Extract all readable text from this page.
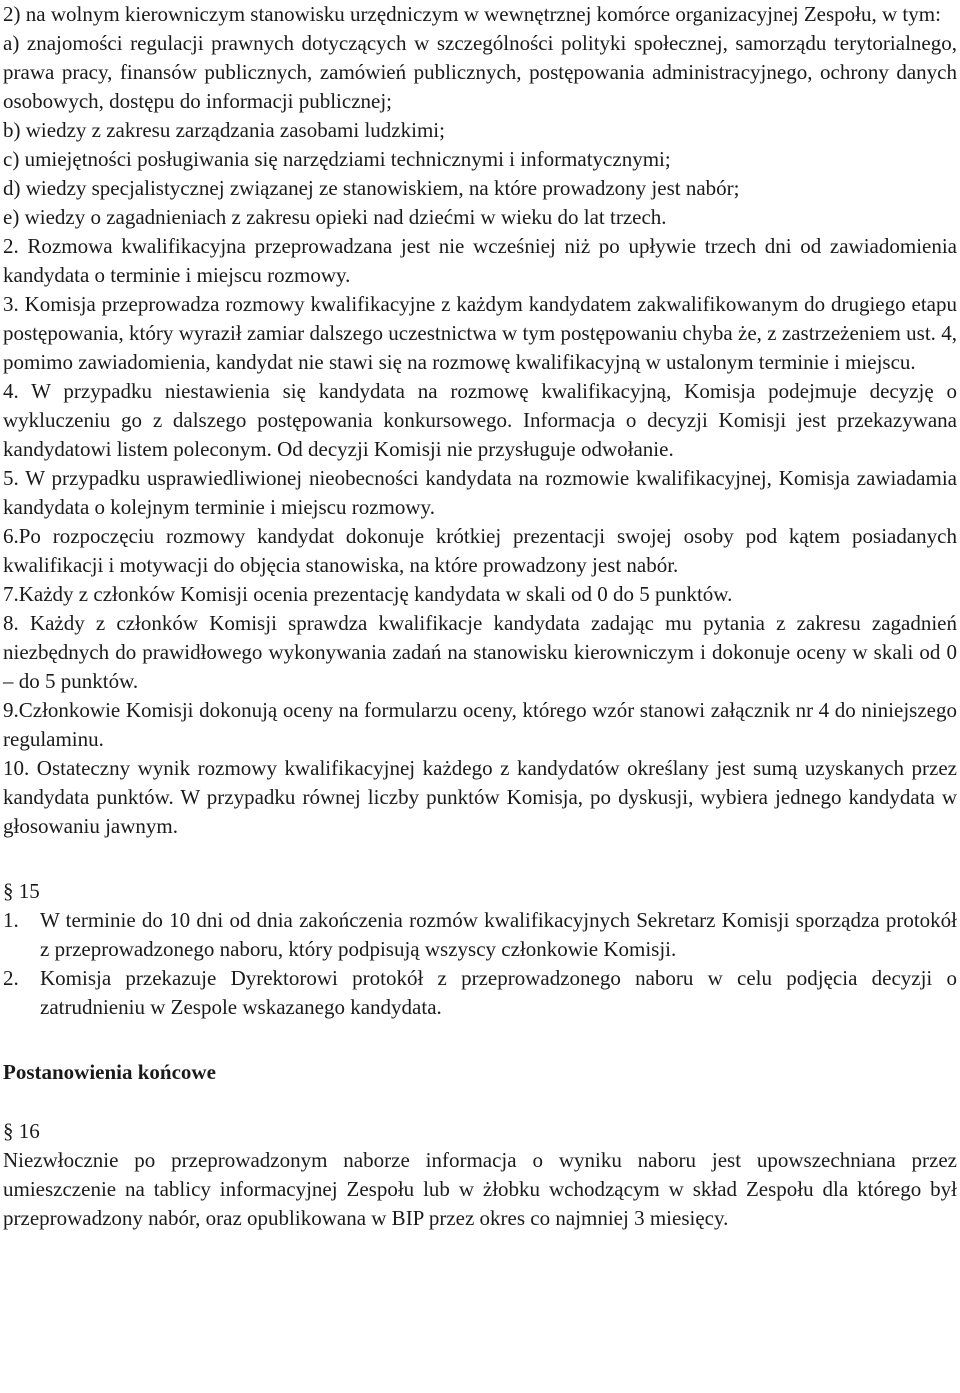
2) na wolnym kierowniczym stanowisku urzędniczym w wewnętrznej komórce organizacyjnej Zespołu, w tym:

a) znajomości regulacji prawnych dotyczących w szczególności polityki społecznej, samorządu terytorialnego, prawa pracy, finansów publicznych, zamówień publicznych, postępowania administracyjnego, ochrony danych osobowych, dostępu do informacji publicznej;

b) wiedzy z zakresu zarządzania zasobami ludzkimi;

c) umiejętności posługiwania się narzędziami technicznymi i informatycznymi;

d) wiedzy specjalistycznej związanej ze stanowiskiem, na które prowadzony jest nabór;

e) wiedzy o zagadnieniach z zakresu opieki nad dziećmi w wieku do lat trzech.

2. Rozmowa kwalifikacyjna przeprowadzana jest nie wcześniej niż po upływie trzech dni od zawiadomienia kandydata o terminie i miejscu rozmowy.

3. Komisja przeprowadza rozmowy kwalifikacyjne z każdym kandydatem zakwalifikowanym do drugiego etapu postępowania, który wyraził zamiar dalszego uczestnictwa w tym postępowaniu chyba że, z zastrzeżeniem ust. 4, pomimo zawiadomienia, kandydat nie stawi się na rozmowę kwalifikacyjną w ustalonym terminie i miejscu.

4. W przypadku niestawienia się kandydata na rozmowę kwalifikacyjną, Komisja podejmuje decyzję o wykluczeniu go z dalszego postępowania konkursowego. Informacja o decyzji Komisji jest przekazywana kandydatowi listem poleconym. Od decyzji Komisji nie przysługuje odwołanie.

5. W przypadku usprawiedliwionej nieobecności kandydata na rozmowie kwalifikacyjnej, Komisja zawiadamia kandydata o kolejnym terminie i miejscu rozmowy.

6.Po rozpoczęciu rozmowy kandydat dokonuje krótkiej prezentacji swojej osoby pod kątem posiadanych kwalifikacji i motywacji do objęcia stanowiska, na które prowadzony jest nabór.

7.Każdy z członków Komisji ocenia prezentację kandydata w skali od 0 do 5 punktów.

8. Każdy z członków Komisji sprawdza kwalifikacje kandydata zadając mu pytania z zakresu zagadnień niezbędnych do prawidłowego wykonywania zadań na stanowisku kierowniczym i dokonuje oceny w skali od 0 – do 5 punktów.

9.Członkowie Komisji dokonują oceny na formularzu oceny, którego wzór stanowi załącznik nr 4 do niniejszego regulaminu.

10. Ostateczny wynik rozmowy kwalifikacyjnej każdego z kandydatów określany jest sumą uzyskanych przez kandydata punktów. W przypadku równej liczby punktów Komisja, po dyskusji, wybiera jednego kandydata w głosowaniu jawnym.

§ 15

1.	W terminie do 10 dni od dnia zakończenia rozmów kwalifikacyjnych Sekretarz Komisji sporządza protokół z przeprowadzonego naboru, który podpisują wszyscy członkowie Komisji.
2.	Komisja przekazuje Dyrektorowi protokół z przeprowadzonego naboru w celu podjęcia decyzji o zatrudnieniu w Zespole wskazanego kandydata.

Postanowienia końcowe

§ 16

Niezwłocznie po przeprowadzonym naborze informacja o wyniku naboru jest upowszechniana przez umieszczenie na tablicy informacyjnej Zespołu lub w żłobku wchodzącym w skład Zespołu dla którego był przeprowadzony nabór, oraz opublikowana w BIP przez okres co najmniej 3 miesięcy.
